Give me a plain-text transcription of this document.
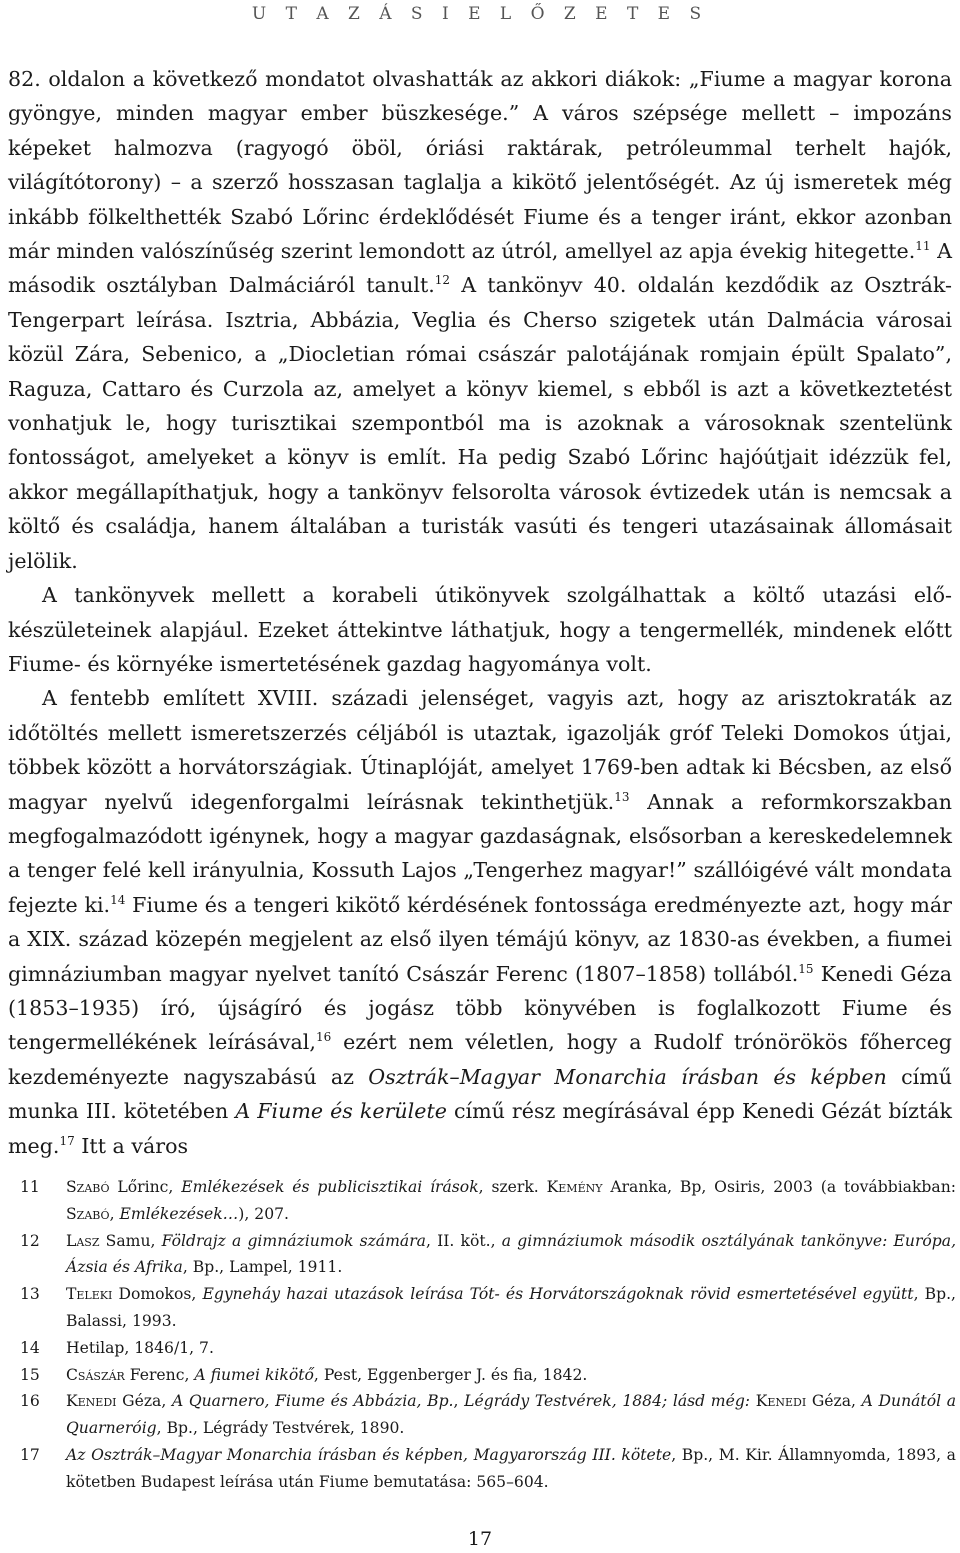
U T A Z Á S I E L Ő Z E T E S

82. oldalon a következő mondatot olvashatták az akkori diákok: „Fiume a magyar korona gyöngye, minden magyar ember büszkesége.” A város szépsége mellett – impozáns képeket halmozva (ragyogó öböl, óriási raktárak, petróleummal terhelt hajók, világítótorony) – a szerző hosszasan taglalja a kikötő jelentőségét. Az új ismeretek még inkább fölkelthették Szabó Lőrinc érdeklődését Fiume és a tenger iránt, ekkor azonban már minden valószínűség szerint lemondott az útról, amellyel az apja évekig hitegette.$^{11}$ A második osztályban Dalmáciáról tanult.$^{12}$ A tankönyv 40. oldalán kezdődik az Osztrák-Tengerpart leírása. Isztria, Abbázia, Veglia és Cherso szigetek után Dalmácia városai közül Zára, Sebenico, a „Diocletian római császár palotájának romjain épült Spalato”, Raguza, Cattaro és Curzola az, amelyet a könyv kiemel, s ebből is azt a következtetést vonhatjuk le, hogy turisztikai szempontból ma is azoknak a városoknak szentelünk fontosságot, amelyeket a könyv is említ. Ha pedig Szabó Lőrinc hajóútjait idézzük fel, akkor megállapíthatjuk, hogy a tankönyv felsorolta városok évtizedek után is nemcsak a költő és családja, hanem általában a turisták vasúti és tengeri utazásainak állomásait jelölik.

A tankönyvek mellett a korabeli útikönyvek szolgálhattak a költő utazási előkészületeinek alapjául. Ezeket áttekintve láthatjuk, hogy a tengermellék, mindenek előtt Fiume- és környéke ismertetésének gazdag hagyománya volt.

A fentebb említett XVIII. századi jelenséget, vagyis azt, hogy az arisztokraták az időtöltés mellett ismeretszerzés céljából is utaztak, igazolják gróf Teleki Domokos útjai, többek között a horvátországiak. Útinaplóját, amelyet 1769-ben adtak ki Bécsben, az első magyar nyelvű idegenforgalmi leírásnak tekinthetjük.$^{13}$ Annak a reformkorszakban megfogalmazódott igénynek, hogy a magyar gazdaságnak, elsősorban a kereskedelemnek a tenger felé kell irányulnia, Kossuth Lajos „Tengerhez magyar!” szállóigévé vált mondata fejezte ki.$^{14}$ Fiume és a tengeri kikötő kérdésének fontossága eredményezte azt, hogy már a XIX. század közepén megjelent az első ilyen témájú könyv, az 1830-as években, a fiumei gimnáziumban magyar nyelvet tanító Császár Ferenc (1807–1858) tollából.$^{15}$ Kenedi Géza (1853–1935) író, újságíró és jogász több könyvében is foglalkozott Fiume és tengermellékének leírásával,$^{16}$ ezért nem véletlen, hogy a Rudolf trónörökös főherceg kezdeményezte nagyszabású az Osztrák–Magyar Monarchia írásban és képben című munka III. kötetében A Fiume és kerülete című rész megírásával épp Kenedi Gézát bízták meg.$^{17}$ Itt a város

11	Szabó Lőrinc, Emlékezések és publicisztikai írások, szerk. Kemény Aranka, Bp, Osiris, 2003 (a továbbiakban: Szabó, Emlékezések…), 207.
12	Lasz Samu, Földrajz a gimnáziumok számára, II. köt., a gimnáziumok második osztályának tankönyve: Európa, Ázsia és Afrika, Bp., Lampel, 1911.
13	Teleki Domokos, Egyneháy hazai utazások leírása Tót- és Horvátországoknak rövid esmertetésével együtt, Bp., Balassi, 1993.
14	Hetilap, 1846/1, 7.
15	Császár Ferenc, A fiumei kikötő, Pest, Eggenberger J. és fia, 1842.
16	Kenedi Géza, A Quarnero, Fiume és Abbázia, Bp., Légrády Testvérek, 1884; lásd még: Kenedi Géza, A Dunától a Quarneróig, Bp., Légrády Testvérek, 1890.
17	Az Osztrák–Magyar Monarchia írásban és képben, Magyarország III. kötete, Bp., M. Kir. Államnyomda, 1893, a kötetben Budapest leírása után Fiume bemutatása: 565–604.
17
